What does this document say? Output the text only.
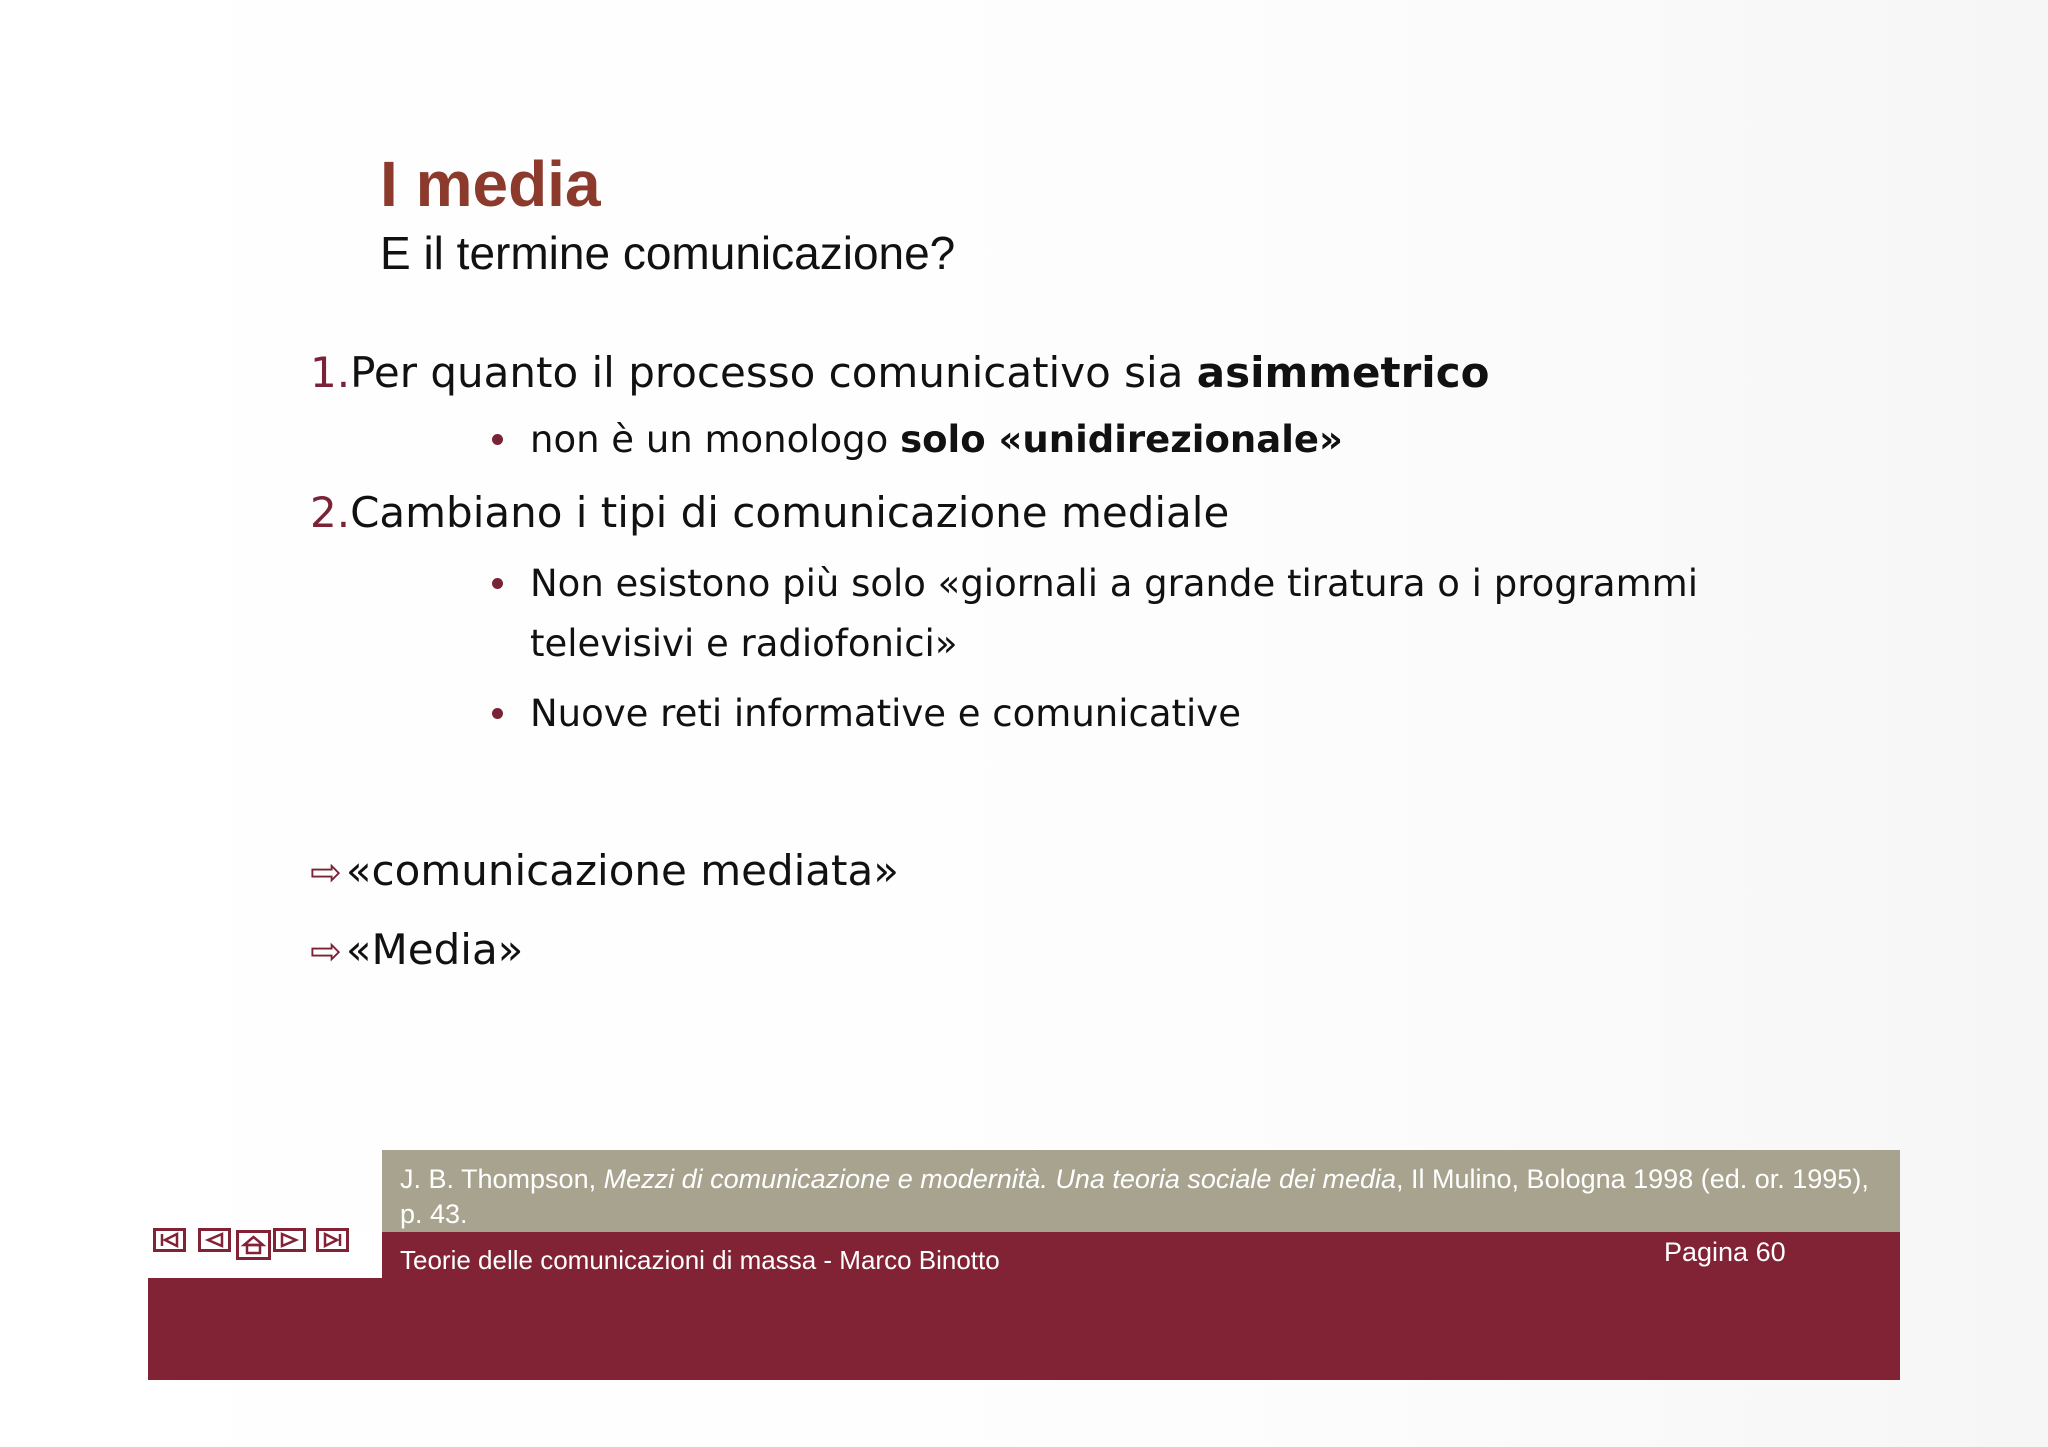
I media
E il termine comunicazione?
1.Per quanto il processo comunicativo sia asimmetrico
non è un monologo solo «unidirezionale»
2.Cambiano i tipi di comunicazione mediale
Non esistono più solo «giornali a grande tiratura o i programmi televisivi e radiofonici»
Nuove reti informative e comunicative
⇨«comunicazione mediata»
⇨«Media»
J. B. Thompson, Mezzi di comunicazione e modernità. Una teoria sociale dei media, Il Mulino, Bologna 1998 (ed. or. 1995), p. 43.
Teorie delle comunicazioni di massa - Marco Binotto	Pagina 60
